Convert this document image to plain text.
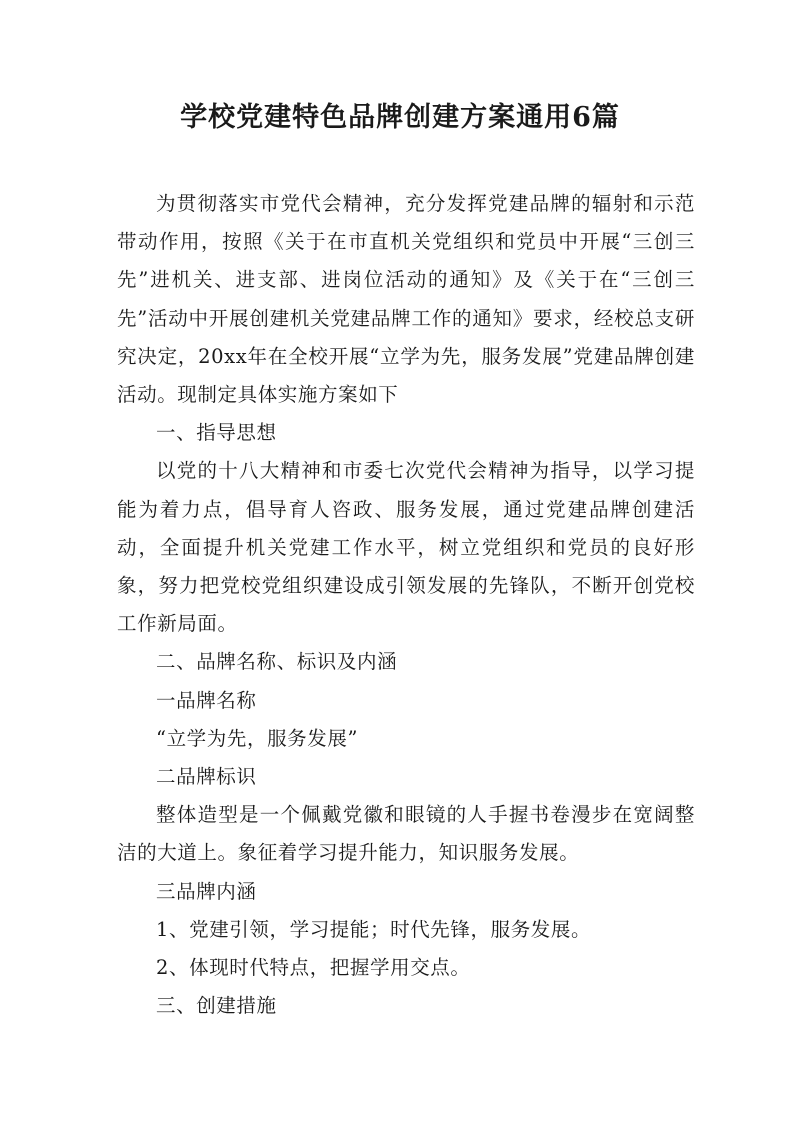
学校党建特色品牌创建方案通用6篇

为贯彻落实市党代会精神，充分发挥党建品牌的辐射和示范带动作用，按照《关于在市直机关党组织和党员中开展“三创三先”进机关、进支部、进岗位活动的通知》及《关于在“三创三先”活动中开展创建机关党建品牌工作的通知》要求，经校总支研究决定，20xx年在全校开展“立学为先，服务发展”党建品牌创建活动。现制定具体实施方案如下

一、指导思想

以党的十八大精神和市委七次党代会精神为指导，以学习提能为着力点，倡导育人咨政、服务发展，通过党建品牌创建活动，全面提升机关党建工作水平，树立党组织和党员的良好形象，努力把党校党组织建设成引领发展的先锋队，不断开创党校工作新局面。

二、品牌名称、标识及内涵

一品牌名称

“立学为先，服务发展”

二品牌标识

整体造型是一个佩戴党徽和眼镜的人手握书卷漫步在宽阔整洁的大道上。象征着学习提升能力，知识服务发展。

三品牌内涵

1、党建引领，学习提能；时代先锋，服务发展。

2、体现时代特点，把握学用交点。

三、创建措施
